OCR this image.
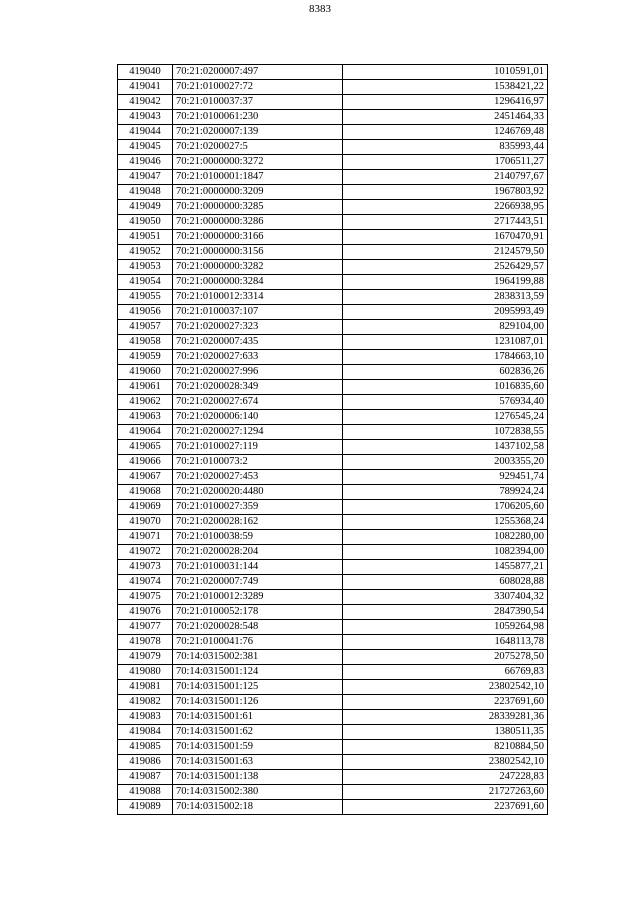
8383
419040	70:21:0200007:497	1010591,01
419041	70:21:0100027:72	1538421,22
419042	70:21:0100037:37	1296416,97
419043	70:21:0100061:230	2451464,33
419044	70:21:0200007:139	1246769,48
419045	70:21:0200027:5	835993,44
419046	70:21:0000000:3272	1706511,27
419047	70:21:0100001:1847	2140797,67
419048	70:21:0000000:3209	1967803,92
419049	70:21:0000000:3285	2266938,95
419050	70:21:0000000:3286	2717443,51
419051	70:21:0000000:3166	1670470,91
419052	70:21:0000000:3156	2124579,50
419053	70:21:0000000:3282	2526429,57
419054	70:21:0000000:3284	1964199,88
419055	70:21:0100012:3314	2838313,59
419056	70:21:0100037:107	2095993,49
419057	70:21:0200027:323	829104,00
419058	70:21:0200007:435	1231087,01
419059	70:21:0200027:633	1784663,10
419060	70:21:0200027:996	602836,26
419061	70:21:0200028:349	1016835,60
419062	70:21:0200027:674	576934,40
419063	70:21:0200006:140	1276545,24
419064	70:21:0200027:1294	1072838,55
419065	70:21:0100027:119	1437102,58
419066	70:21:0100073:2	2003355,20
419067	70:21:0200027:453	929451,74
419068	70:21:0200020:4480	789924,24
419069	70:21:0100027:359	1706205,60
419070	70:21:0200028:162	1255368,24
419071	70:21:0100038:59	1082280,00
419072	70:21:0200028:204	1082394,00
419073	70:21:0100031:144	1455877,21
419074	70:21:0200007:749	608028,88
419075	70:21:0100012:3289	3307404,32
419076	70:21:0100052:178	2847390,54
419077	70:21:0200028:548	1059264,98
419078	70:21:0100041:76	1648113,78
419079	70:14:0315002:381	2075278,50
419080	70:14:0315001:124	66769,83
419081	70:14:0315001:125	23802542,10
419082	70:14:0315001:126	2237691,60
419083	70:14:0315001:61	28339281,36
419084	70:14:0315001:62	1380511,35
419085	70:14:0315001:59	8210884,50
419086	70:14:0315001:63	23802542,10
419087	70:14:0315001:138	247228,83
419088	70:14:0315002:380	21727263,60
419089	70:14:0315002:18	2237691,60
